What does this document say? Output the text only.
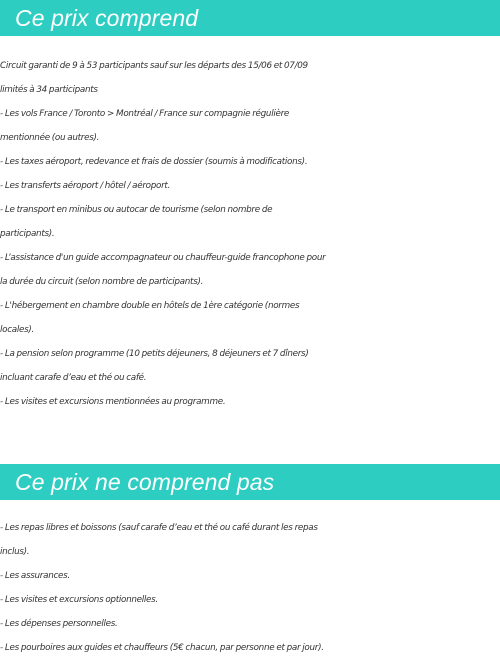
Ce prix comprend
Circuit garanti de 9 à 53 participants sauf sur les départs des 15/06 et 07/09
limités à 34 participants
- Les vols France / Toronto > Montréal / France sur compagnie régulière
mentionnée (ou autres).
- Les taxes aéroport, redevance et frais de dossier (soumis à modifications).
- Les transferts aéroport / hôtel / aéroport.
- Le transport en minibus ou autocar de tourisme (selon nombre de
participants).
- L’assistance d'un guide accompagnateur ou chauffeur-guide francophone pour
la durée du circuit (selon nombre de participants).
- L'hébergement en chambre double en hôtels de 1ère catégorie (normes
locales).
- La pension selon programme (10 petits déjeuners, 8 déjeuners et 7 dîners)
incluant carafe d’eau et thé ou café.
- Les visites et excursions mentionnées au programme.
Ce prix ne comprend pas
- Les repas libres et boissons (sauf carafe d’eau et thé ou café durant les repas
inclus).
- Les assurances.
- Les visites et excursions optionnelles.
- Les dépenses personnelles.
- Les pourboires aux guides et chauffeurs (5€ chacun, par personne et par jour).
